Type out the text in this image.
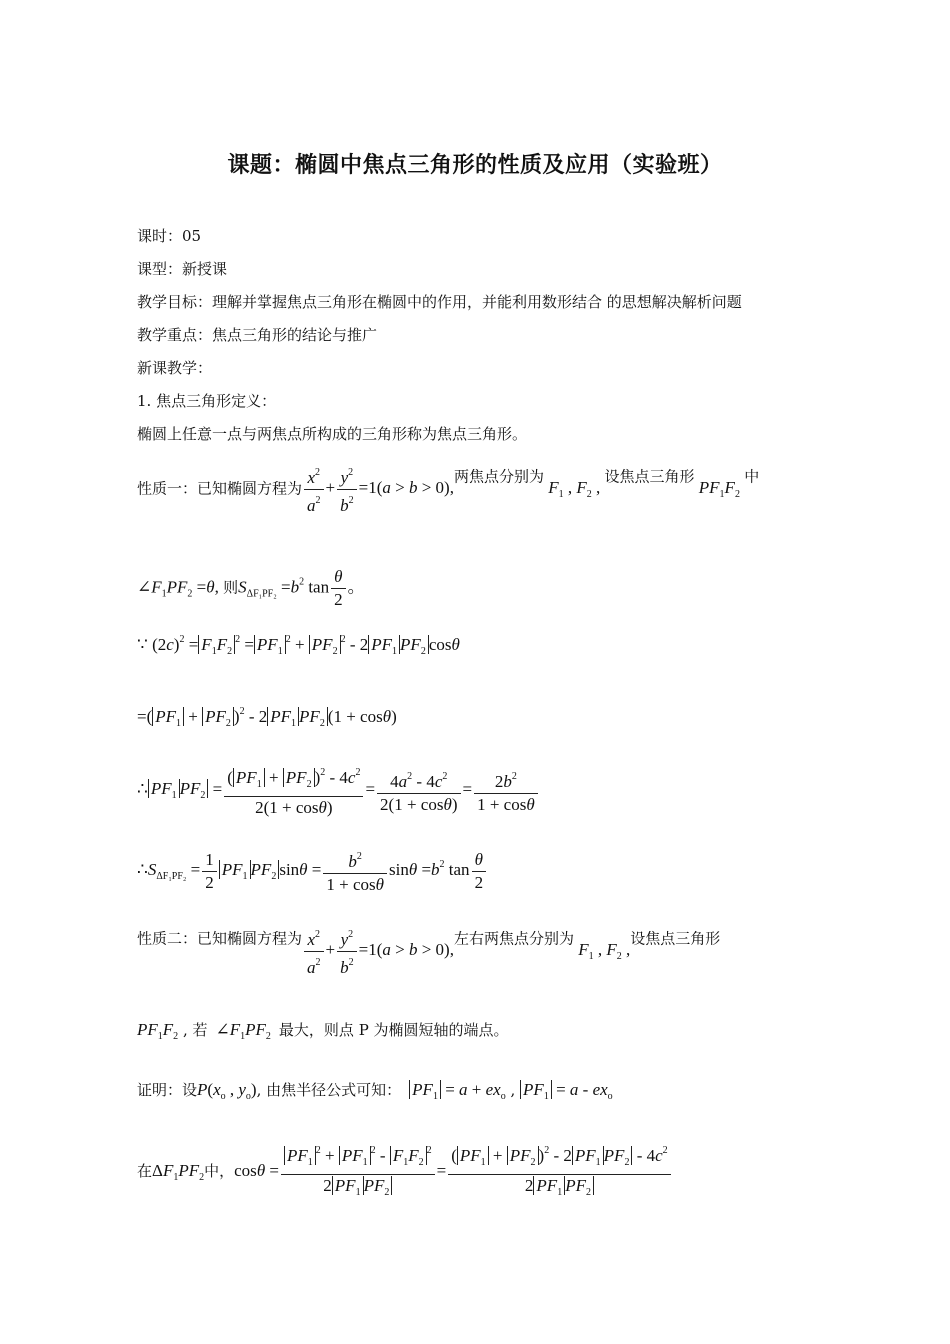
课题：椭圆中焦点三角形的性质及应用（实验班）
课时：05
课型：新授课
教学目标：理解并掌握焦点三角形在椭圆中的作用，并能利用数形结合 的思想解决解析问题
教学重点：焦点三角形的结论与推广
新课教学：
1. 焦点三角形定义：
椭圆上任意一点与两焦点所构成的三角形称为焦点三角形。
性质一：已知椭圆方程为 $\frac{x^2}{a^2} + \frac{y^2}{b^2} =1(a > b > 0)$,两焦点分别为 $F_1$ , $F_2$ , 设焦点三角形 $PF_1F_2$ 中
$\angle F_1PF_2 =\theta$, 则$S_{\Delta F_1PF_2} =b^2$ $\tan \frac{\theta}{2}$ 。
∵ $(2c)^2 = F_1F_2^2 = PF_1^2 + PF_2^2 - 2$ $PF_1$ $PF_2$ cosθ
=( $PF_1 + PF_2$ )$^2$ - 2 $PF_1$ $PF_2$ (1 + cosθ)
∴ $PF_1$ $PF_2 = \frac{( PF_1 + PF_2 )^2 - 4c^2}{2(1 + \cos\theta)} = \frac{4a^2 - 4c^2}{2(1 + \cos\theta)} = \frac{2b^2}{1 + \cos\theta}$
$\therefore S_{\Delta F_1PF_2} = \frac{1}{2} PF_1$ $PF_2$ $\sin\theta = \frac{b^2}{1 + \cos\theta}$ $\sin\theta =b^2$ $\tan \frac{\theta}{2}$
性质二：已知椭圆方程为 $\frac{x^2}{a^2} + \frac{y^2}{b^2} =1(a > b > 0)$,左右两焦点分别为 $F_1$ , $F_2$ ,设焦点三角形
$PF_1F_2$ , 若 $\angle F_1PF_2$ 最大，则点 P 为椭圆短轴的端点。
证明：设$P(x_o$ , $y_o$), 由焦半径公式可知： $PF_1 = a + ex_o$ , $PF_1 = a - ex_o$
在$\Delta F_1PF_2$中，$\cos\theta = \frac{PF_1^2 + PF_1^2 - F_1F_2^2}{2 PF_1 PF_2} = \frac{( PF_1 + PF_2 )^2 - 2 PF_1 PF_2 - 4c^2}{2 PF_1 PF_2}$
